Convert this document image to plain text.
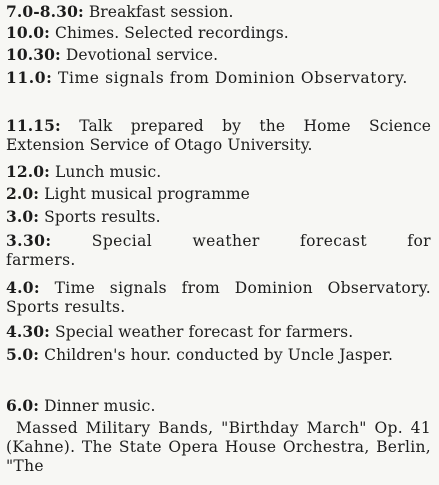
7.0-8.30: Breakfast session.
10.0: Chimes. Selected recordings.
10.30: Devotional service.
11.0: Time signals from Dominion Observatory.
11.15: Talk prepared by the Home Science Extension Service of Otago University.
12.0: Lunch music.
2.0: Light musical programme
3.0: Sports results.
3.30:	Special weather forecast for farmers.
4.0: Time signals from Dominion Observatory. Sports results.
4.30: Special weather forecast for farmers.
5.0: Children's hour. conducted by Uncle Jasper.
6.0: Dinner music.
Massed Military Bands, "Birthday March" Op. 41 (Kahne). The State Opera House Orchestra, Berlin, "The
